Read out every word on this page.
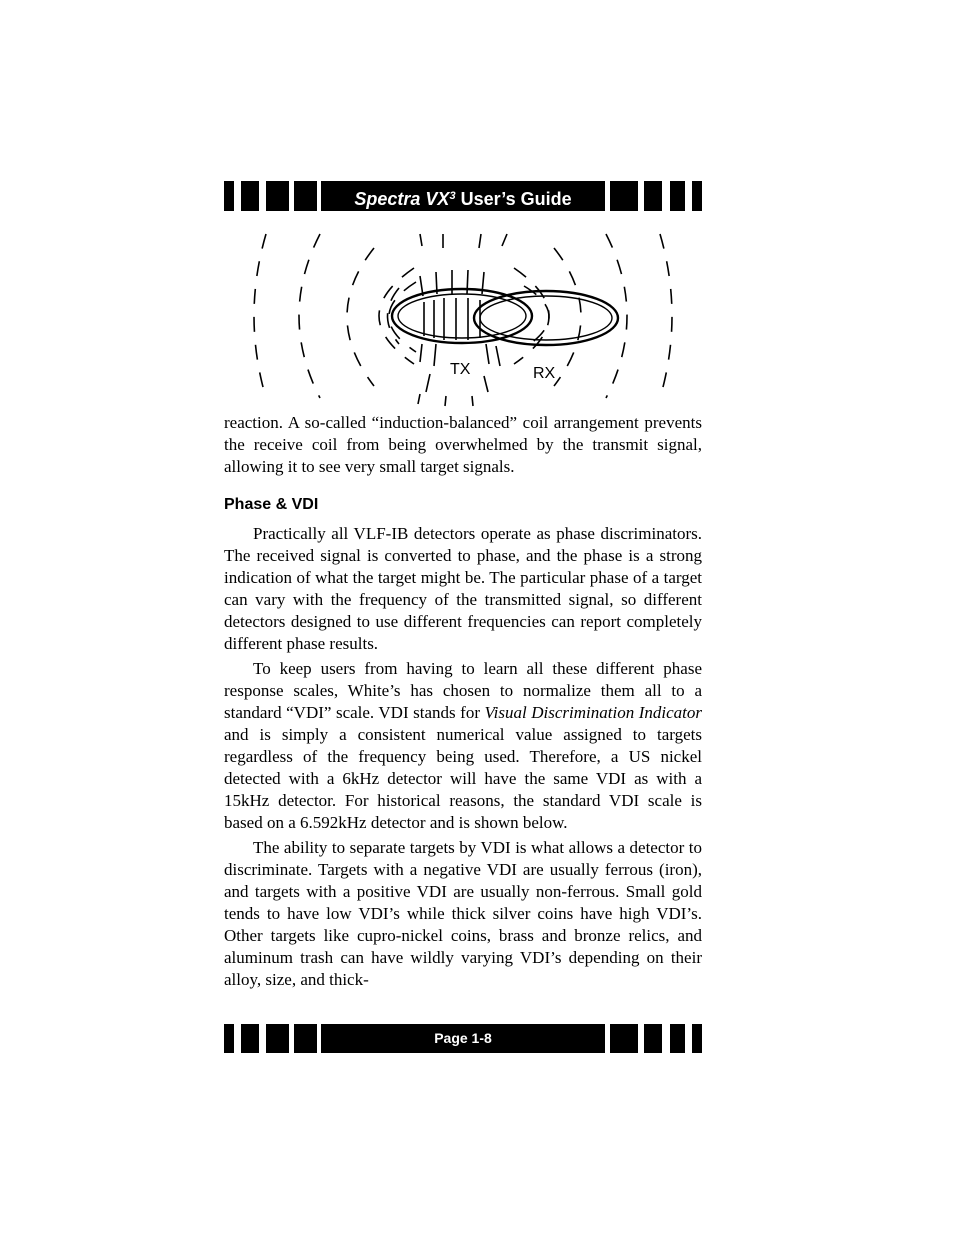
Spectra $VX^3$ User’s Guide
TX	RX

reaction. A so-called “induction-balanced” coil arrangement prevents the receive coil from being overwhelmed by the transmit signal, allowing it to see very small target signals.

Phase & VDI

Practically all VLF-IB detectors operate as phase discriminators. The received signal is converted to phase, and the phase is a strong indication of what the target might be. The particular phase of a target can vary with the frequency of the transmitted signal, so different detectors designed to use different frequencies can report completely different phase results.

To keep users from having to learn all these different phase response scales, White’s has chosen to normalize them all to a standard “VDI” scale. VDI stands for Visual Discrimination Indicator and is simply a consistent numerical value assigned to targets regardless of the frequency being used. Therefore, a US nickel detected with a 6kHz detector will have the same VDI as with a 15kHz detector. For historical reasons, the standard VDI scale is based on a 6.592kHz detector and is shown below.

The ability to separate targets by VDI is what allows a detector to discriminate. Targets with a negative VDI are usually ferrous (iron), and targets with a positive VDI are usually non-ferrous. Small gold tends to have low VDI’s while thick silver coins have high VDI’s. Other targets like cupro-nickel coins, brass and bronze relics, and aluminum trash can have wildly varying VDI’s depending on their alloy, size, and thick-

Page 1-8
